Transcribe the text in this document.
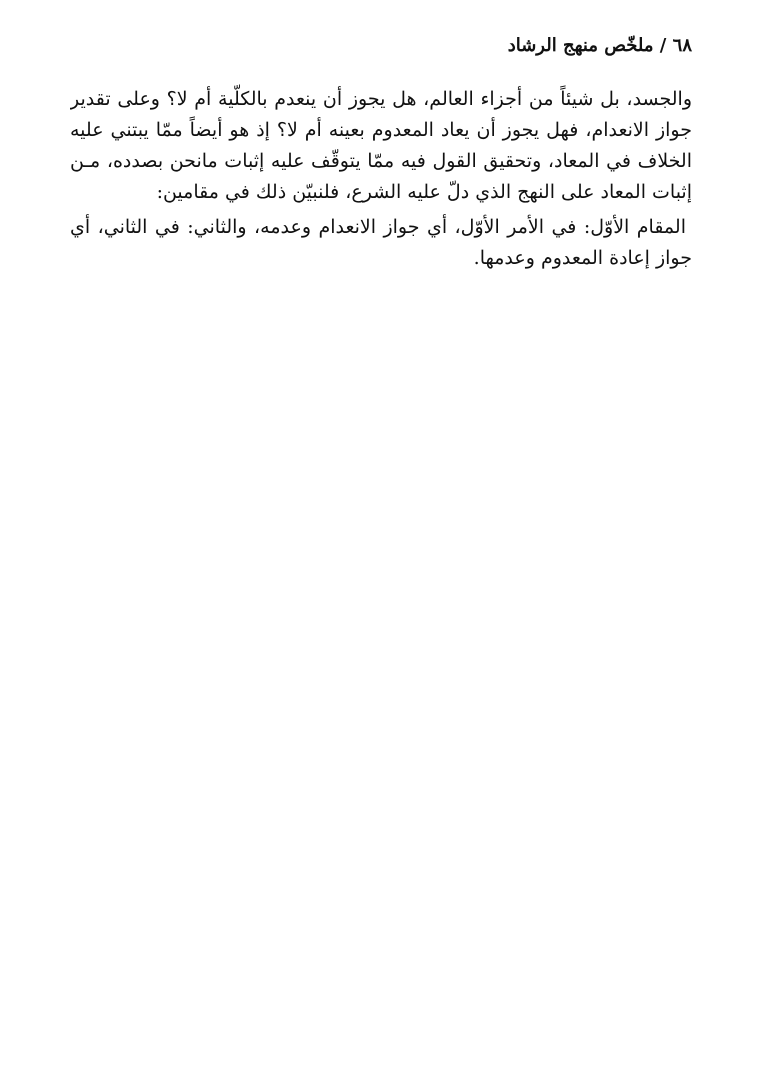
٦٨ / ملخّص منهج الرشاد
والجسد، بل شيئاً من أجزاء العالم، هل يجوز أن ينعدم بالكلّية أم لا؟ وعلى تقدير
جواز الانعدام، فهل يجوز أن يعاد المعدوم بعينه أم لا؟ إذ هو أيضاً ممّا يبتني عليه
الخلاف في المعاد، وتحقيق القول فيه ممّا يتوقّف عليه إثبات مانحن بصدده، مـن
إثبات المعاد على النهج الذي دلّ عليه الشرع، فلنبيّن ذلك في مقامين:
المقام الأوّل: في الأمر الأوّل، أي جواز الانعدام وعدمه، والثاني: في الثاني، أي
جواز إعادة المعدوم وعدمها.
